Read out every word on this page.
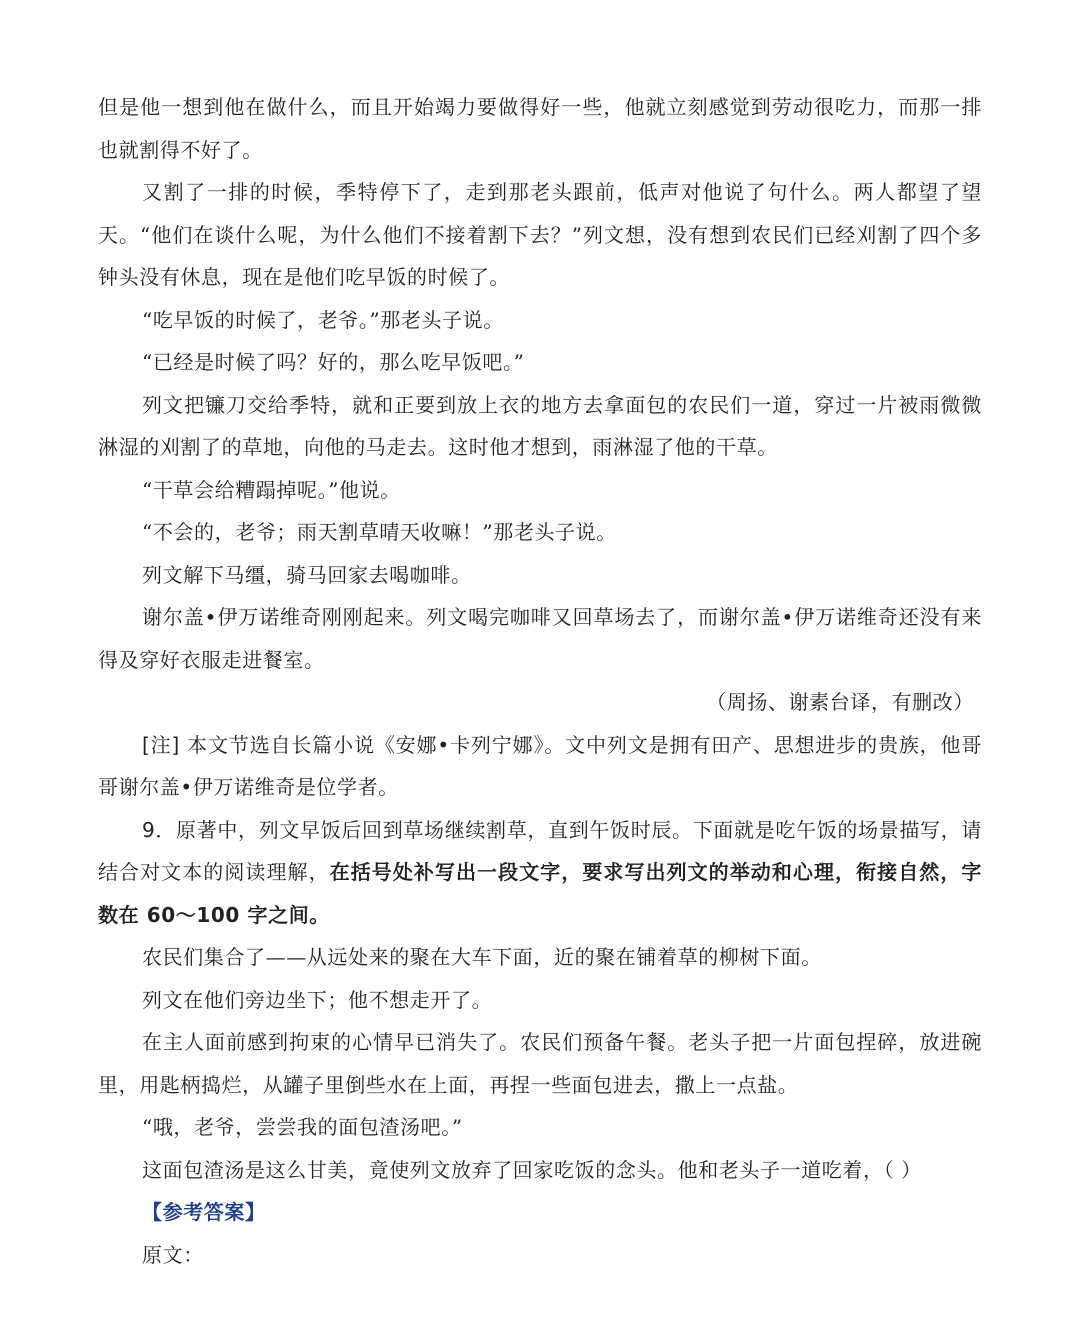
但是他一想到他在做什么，而且开始竭力要做得好一些，他就立刻感觉到劳动很吃力，而那一排也就割得不好了。

又割了一排的时候，季特停下了，走到那老头跟前，低声对他说了句什么。两人都望了望天。“他们在谈什么呢，为什么他们不接着割下去？”列文想，没有想到农民们已经刈割了四个多钟头没有休息，现在是他们吃早饭的时候了。

“吃早饭的时候了，老爷。”那老头子说。

“已经是时候了吗？好的，那么吃早饭吧。”

列文把镰刀交给季特，就和正要到放上衣的地方去拿面包的农民们一道，穿过一片被雨微微淋湿的刈割了的草地，向他的马走去。这时他才想到，雨淋湿了他的干草。

“干草会给糟蹋掉呢。”他说。

“不会的，老爷；雨天割草晴天收嘛！”那老头子说。

列文解下马缰，骑马回家去喝咖啡。

谢尔盖•伊万诺维奇刚刚起来。列文喝完咖啡又回草场去了，而谢尔盖•伊万诺维奇还没有来得及穿好衣服走进餐室。

（周扬、谢素台译，有删改）

[注] 本文节选自长篇小说《安娜•卡列宁娜》。文中列文是拥有田产、思想进步的贵族，他哥哥谢尔盖•伊万诺维奇是位学者。

9．原著中，列文早饭后回到草场继续割草，直到午饭时辰。下面就是吃午饭的场景描写，请结合对文本的阅读理解，在括号处补写出一段文字，要求写出列文的举动和心理，衔接自然，字数在 60～100 字之间。

农民们集合了——从远处来的聚在大车下面，近的聚在铺着草的柳树下面。

列文在他们旁边坐下；他不想走开了。

在主人面前感到拘束的心情早已消失了。农民们预备午餐。老头子把一片面包捏碎，放进碗里，用匙柄捣烂，从罐子里倒些水在上面，再捏一些面包进去，撒上一点盐。

“哦，老爷，尝尝我的面包渣汤吧。”

这面包渣汤是这么甘美，竟使列文放弃了回家吃饭的念头。他和老头子一道吃着，（ ）

【参考答案】

原文：
